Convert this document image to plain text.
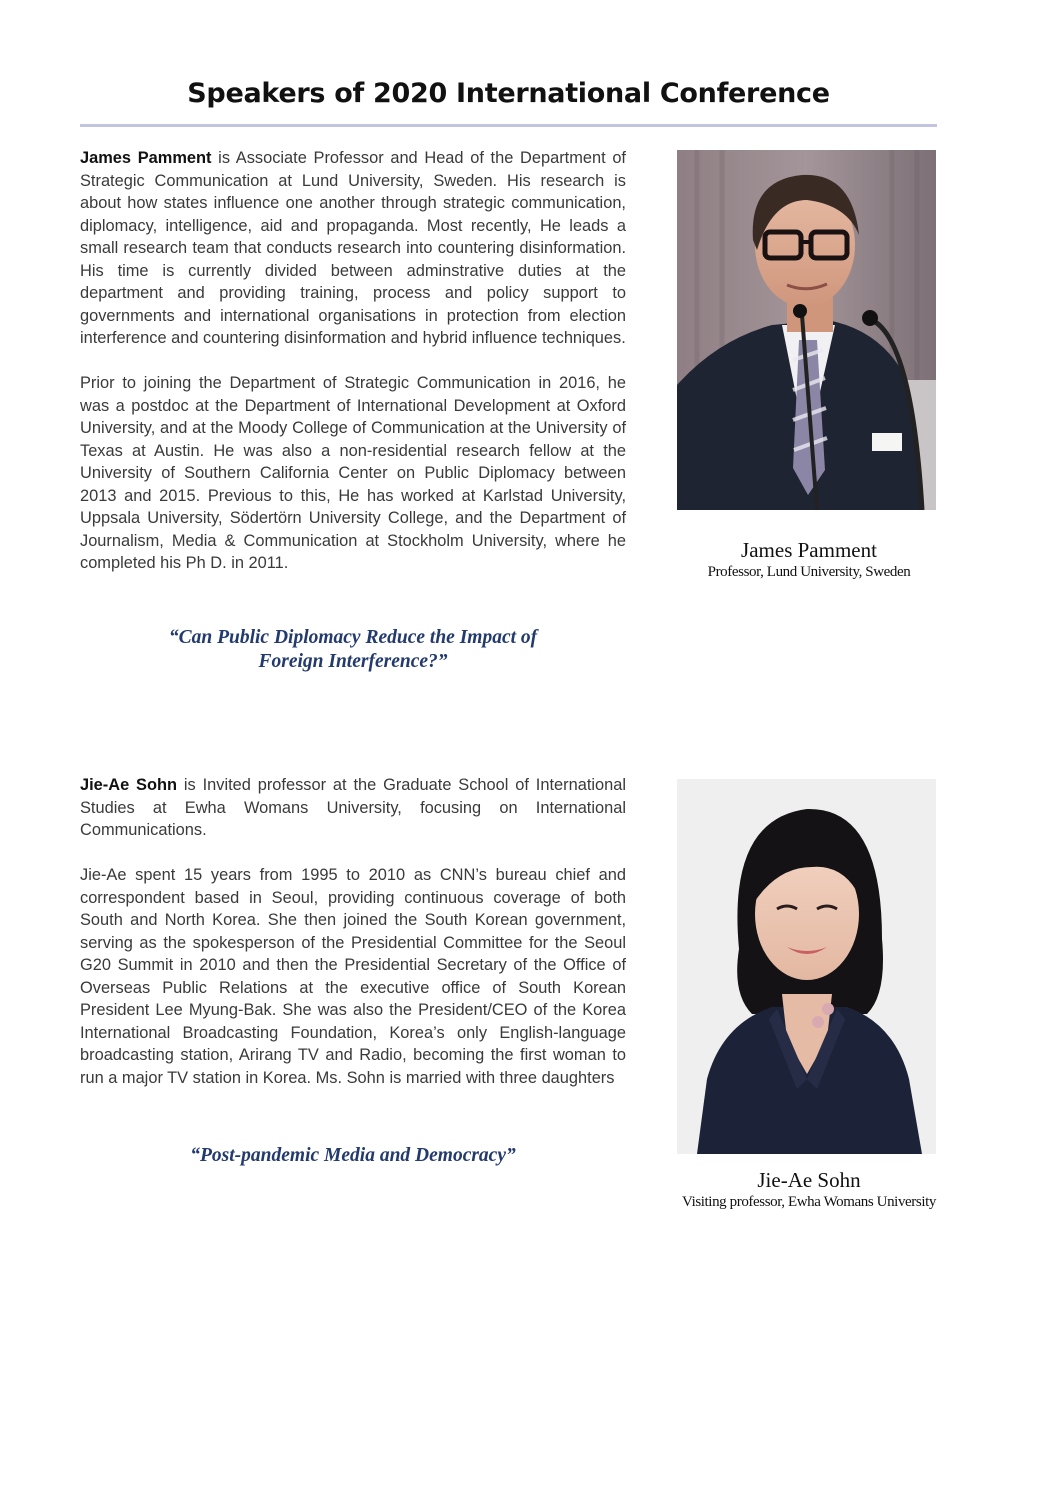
Speakers of 2020 International Conference

James Pamment is Associate Professor and Head of the Department of Strategic Communication at Lund University, Sweden. His research is about how states influence one another through strategic communication, diplomacy, intelligence, aid and propaganda. Most recently, He leads a small research team that conducts research into countering disinformation. His time is currently divided between adminstrative duties at the department and providing training, process and policy support to governments and international organisations in protection from election interference and countering disinformation and hybrid influence techniques.

Prior to joining the Department of Strategic Communication in 2016, he was a postdoc at the Department of International Development at Oxford University, and at the Moody College of Communication at the University of Texas at Austin. He was also a non-residential research fellow at the University of Southern California Center on Public Diplomacy between 2013 and 2015. Previous to this, He has worked at Karlstad University, Uppsala University, Södertörn University College, and the Department of Journalism, Media & Communication at Stockholm University, where he completed his Ph D. in 2011.

“Can Public Diplomacy Reduce the Impact of
Foreign Interference?”
James Pamment
Professor, Lund University, Sweden

Jie-Ae Sohn is Invited professor at the Graduate School of International Studies at Ewha Womans University, focusing on International Communications.

Jie-Ae spent 15 years from 1995 to 2010 as CNN’s bureau chief and correspondent based in Seoul, providing continuous coverage of both South and North Korea. She then joined the South Korean government, serving as the spokesperson of the Presidential Committee for the Seoul G20 Summit in 2010 and then the Presidential Secretary of the Office of Overseas Public Relations at the executive office of South Korean President Lee Myung-Bak. She was also the President/CEO of the Korea International Broadcasting Foundation, Korea’s only English-language broadcasting station, Arirang TV and Radio, becoming the first woman to run a major TV station in Korea. Ms. Sohn is married with three daughters

“Post-pandemic Media and Democracy”
Jie-Ae Sohn
Visiting professor, Ewha Womans University
